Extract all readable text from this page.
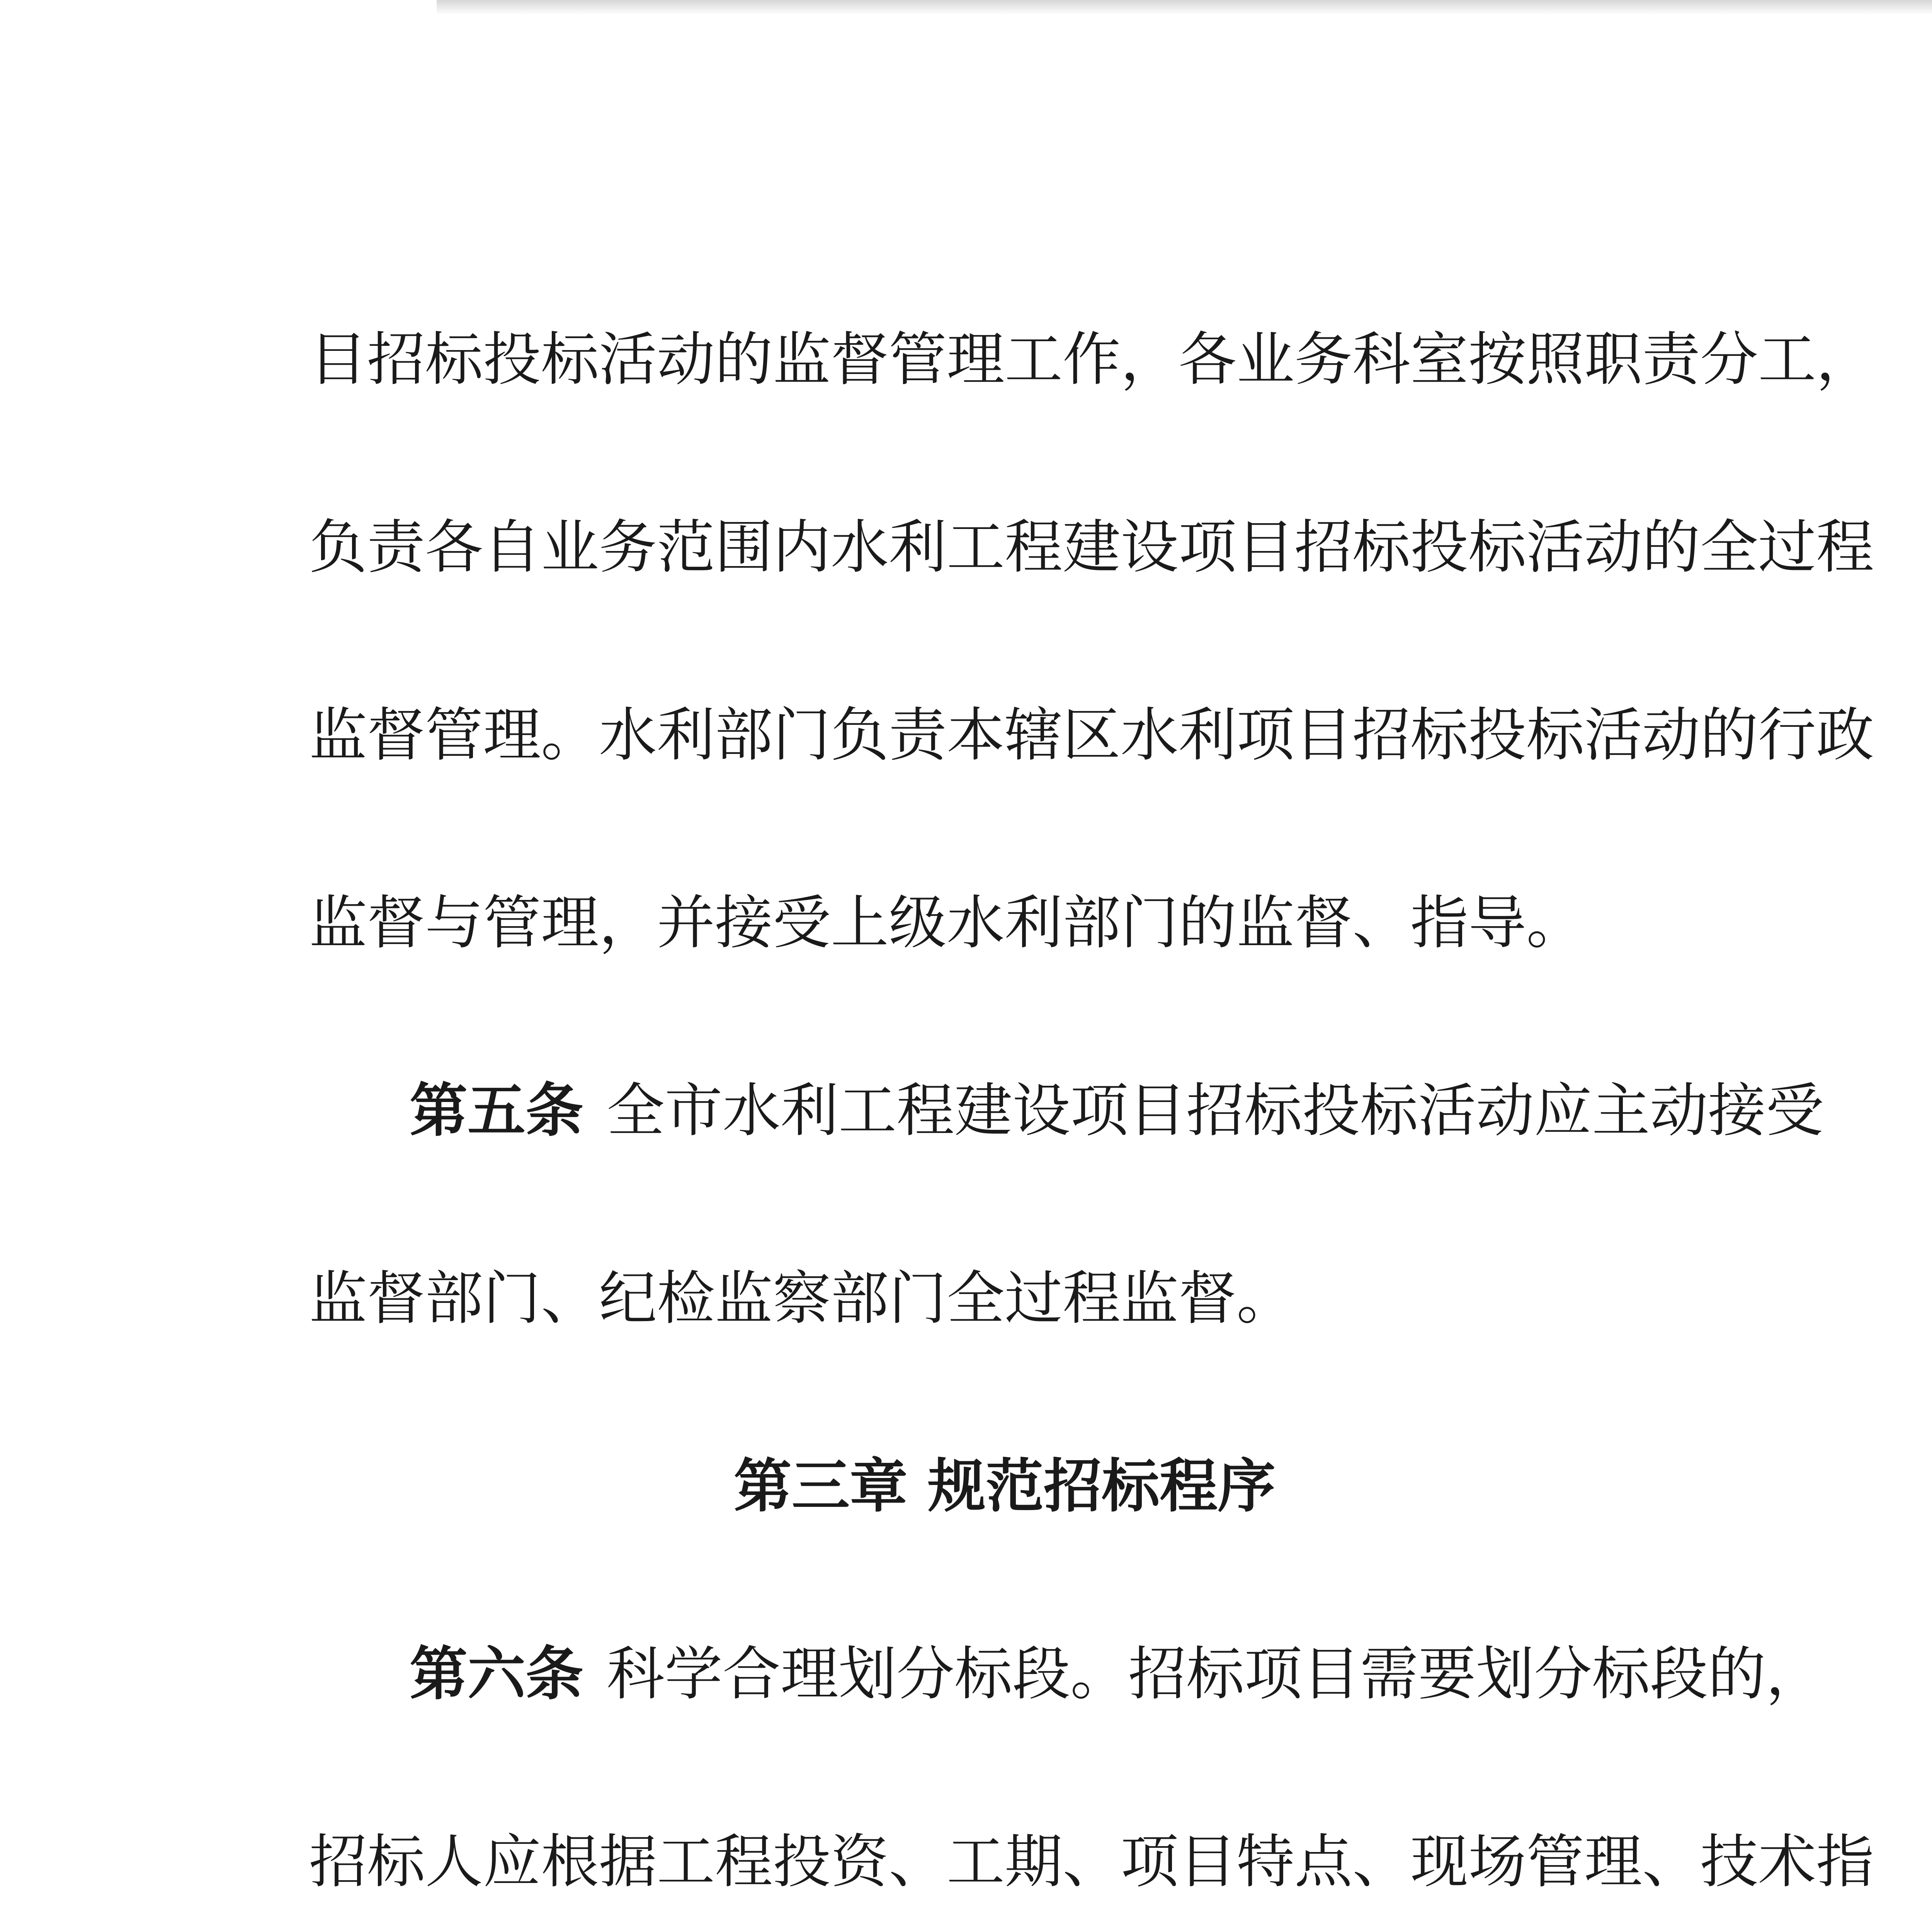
目招标投标活动的监督管理工作，各业务科室按照职责分工，
负责各自业务范围内水利工程建设项目招标投标活动的全过程
监督管理。水利部门负责本辖区水利项目招标投标活动的行政
监督与管理，并接受上级水利部门的监督、指导。
第五条 全市水利工程建设项目招标投标活动应主动接受
监督部门、纪检监察部门全过程监督。
第三章 规范招标程序
第六条 科学合理划分标段。招标项目需要划分标段的，
招标人应根据工程投资、工期、项目特点、现场管理、技术指
